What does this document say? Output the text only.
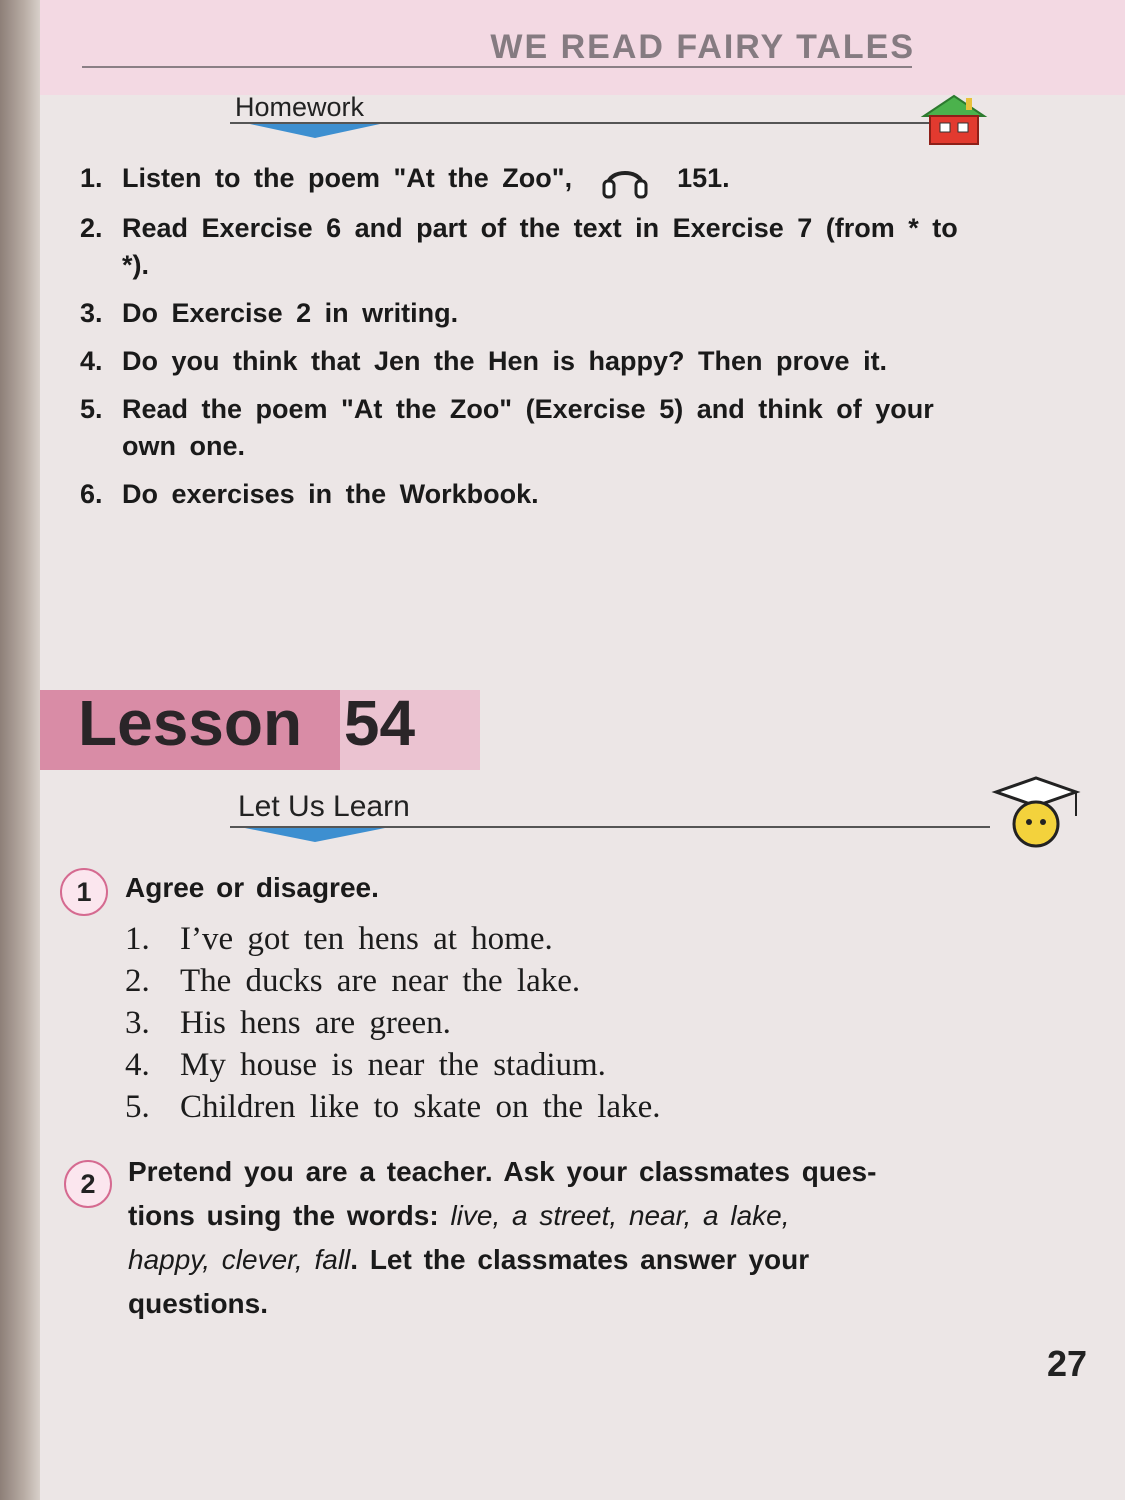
WE READ FAIRY TALES
Homework
1. Listen to the poem "At the Zoo",	151.
2. Read Exercise 6 and part of the text in Exercise 7 (from * to *).
3. Do Exercise 2 in writing.
4. Do you think that Jen the Hen is happy? Then prove it.
5. Read the poem "At the Zoo" (Exercise 5) and think of your own one.
6. Do exercises in the Workbook.
Lesson 54
Let Us Learn
1	Agree or disagree.
1. I’ve got ten hens at home.
2. The ducks are near the lake.
3. His hens are green.
4. My house is near the stadium.
5. Children like to skate on the lake.
2	Pretend you are a teacher. Ask your classmates ques-
tions using the words: live, a street, near, a lake,
happy, clever, fall. Let the classmates answer your
questions.
27
